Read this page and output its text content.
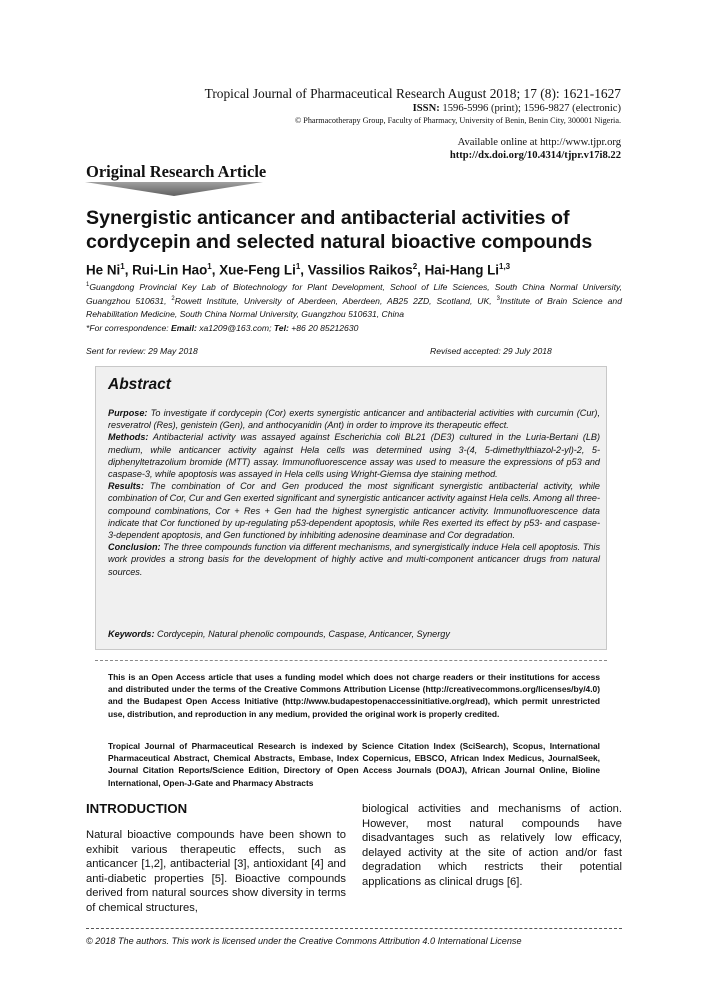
Tropical Journal of Pharmaceutical Research August 2018; 17 (8): 1621-1627
ISSN: 1596-5996 (print); 1596-9827 (electronic)
© Pharmacotherapy Group, Faculty of Pharmacy, University of Benin, Benin City, 300001 Nigeria.
Available online at http://www.tjpr.org
http://dx.doi.org/10.4314/tjpr.v17i8.22
Original Research Article
Synergistic anticancer and antibacterial activities of cordycepin and selected natural bioactive compounds
He Ni$^1$, Rui-Lin Hao$^1$, Xue-Feng Li$^1$, Vassilios Raikos$^2$, Hai-Hang Li$^{1,3}$
$^1$Guangdong Provincial Key Lab of Biotechnology for Plant Development, School of Life Sciences, South China Normal University, Guangzhou 510631, $^2$Rowett Institute, University of Aberdeen, Aberdeen, AB25 2ZD, Scotland, UK, $^3$Institute of Brain Science and Rehabilitation Medicine, South China Normal University, Guangzhou 510631, China
*For correspondence: Email: xa1209@163.com; Tel: +86 20 85212630
Sent for review: 29 May 2018	Revised accepted: 29 July 2018
Abstract

Purpose: To investigate if cordycepin (Cor) exerts synergistic anticancer and antibacterial activities with curcumin (Cur), resveratrol (Res), genistein (Gen), and anthocyanidin (Ant) in order to improve its therapeutic effect.

Methods: Antibacterial activity was assayed against Escherichia coli BL21 (DE3) cultured in the Luria-Bertani (LB) medium, while anticancer activity against Hela cells was determined using 3-(4, 5-dimethylthiazol-2-yl)-2, 5-diphenyltetrazolium bromide (MTT) assay. Immunofluorescence assay was used to measure the expressions of p53 and caspase-3, while apoptosis was assayed in Hela cells using Wright-Giemsa dye staining method.

Results: The combination of Cor and Gen produced the most significant synergistic antibacterial activity, while combination of Cor, Cur and Gen exerted significant and synergistic anticancer activity against Hela cells. Among all three-compound combinations, Cor + Res + Gen had the highest synergistic anticancer activity. Immunofluorescence data indicate that Cor functioned by up-regulating p53-dependent apoptosis, while Res exerted its effect by p53- and caspase-3-dependent apoptosis, and Gen functioned by inhibiting adenosine deaminase and Cor degradation.

Conclusion: The three compounds function via different mechanisms, and synergistically induce Hela cell apoptosis. This work provides a strong basis for the development of highly active and multi-component anticancer drugs from natural sources.

Keywords: Cordycepin, Natural phenolic compounds, Caspase, Anticancer, Synergy
This is an Open Access article that uses a funding model which does not charge readers or their institutions for access and distributed under the terms of the Creative Commons Attribution License (http://creativecommons.org/licenses/by/4.0) and the Budapest Open Access Initiative (http://www.budapestopenaccessinitiative.org/read), which permit unrestricted use, distribution, and reproduction in any medium, provided the original work is properly credited.
Tropical Journal of Pharmaceutical Research is indexed by Science Citation Index (SciSearch), Scopus, International Pharmaceutical Abstract, Chemical Abstracts, Embase, Index Copernicus, EBSCO, African Index Medicus, JournalSeek, Journal Citation Reports/Science Edition, Directory of Open Access Journals (DOAJ), African Journal Online, Bioline International, Open-J-Gate and Pharmacy Abstracts
INTRODUCTION
Natural bioactive compounds have been shown to exhibit various therapeutic effects, such as anticancer [1,2], antibacterial [3], antioxidant [4] and anti-diabetic properties [5]. Bioactive compounds derived from natural sources show diversity in terms of chemical structures,
biological activities and mechanisms of action. However, most natural compounds have disadvantages such as relatively low efficacy, delayed activity at the site of action and/or fast degradation which restricts their potential applications as clinical drugs [6].
© 2018 The authors. This work is licensed under the Creative Commons Attribution 4.0 International License
